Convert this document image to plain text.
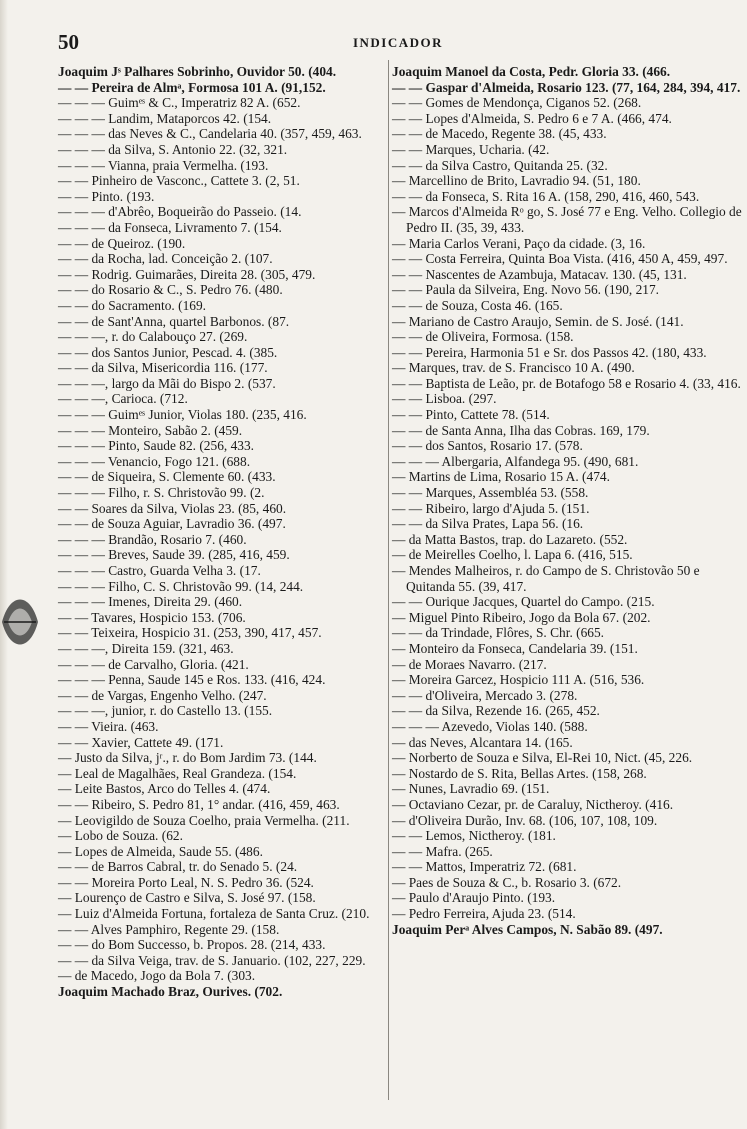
50	INDICADOR

Joaquim Jˢ Palhares Sobrinho, Ouvidor 50. (404.

— — Pereira de Almᵃ, Formosa 101 A. (91,152.

— — — Guimᵉˢ & C., Imperatriz 82 A. (652.

— — — Landim, Mataporcos 42. (154.

— — — das Neves & C., Candelaria 40. (357, 459, 463.

— — — da Silva, S. Antonio 22. (32, 321.

— — — Vianna, praia Vermelha. (193.

— — Pinheiro de Vasconc., Cattete 3. (2, 51.

— — Pinto. (193.

— — — d'Abrêo, Boqueirão do Passeio. (14.

— — — da Fonseca, Livramento 7. (154.

— — de Queiroz. (190.

— — da Rocha, lad. Conceição 2. (107.

— — Rodrig. Guimarães, Direita 28. (305, 479.

— — do Rosario & C., S. Pedro 76. (480.

— — do Sacramento. (169.

— — de Sant'Anna, quartel Barbonos. (87.

— — —, r. do Calabouço 27. (269.

— — dos Santos Junior, Pescad. 4. (385.

— — da Silva, Misericordia 116. (177.

— — —, largo da Mãi do Bispo 2. (537.

— — —, Carioca. (712.

— — — Guimᵉˢ Junior, Violas 180. (235, 416.

— — — Monteiro, Sabão 2. (459.

— — — Pinto, Saude 82. (256, 433.

— — — Venancio, Fogo 121. (688.

— — de Siqueira, S. Clemente 60. (433.

— — — Filho, r. S. Christovão 99. (2.

— — Soares da Silva, Violas 23. (85, 460.

— — de Souza Aguiar, Lavradio 36. (497.

— — — Brandão, Rosario 7. (460.

— — — Breves, Saude 39. (285, 416, 459.

— — — Castro, Guarda Velha 3. (17.

— — — Filho, C. S. Christovão 99. (14, 244.

— — — Imenes, Direita 29. (460.

— — Tavares, Hospicio 153. (706.

— — Teixeira, Hospicio 31. (253, 390, 417, 457.

— — —, Direita 159. (321, 463.

— — — de Carvalho, Gloria. (421.

— — — Penna, Saude 145 e Ros. 133. (416, 424.

— — de Vargas, Engenho Velho. (247.

— — —, junior, r. do Castello 13. (155.

— — Vieira. (463.

— — Xavier, Cattete 49. (171.

— Justo da Silva, jʳ., r. do Bom Jardim 73. (144.

— Leal de Magalhães, Real Grandeza. (154.

— Leite Bastos, Arco do Telles 4. (474.

— — Ribeiro, S. Pedro 81, 1° andar. (416, 459, 463.

— Leovigildo de Souza Coelho, praia Vermelha. (211.

— Lobo de Souza. (62.

— Lopes de Almeida, Saude 55. (486.

— — de Barros Cabral, tr. do Senado 5. (24.

— — Moreira Porto Leal, N. S. Pedro 36. (524.

— Lourenço de Castro e Silva, S. José 97. (158.

— Luiz d'Almeida Fortuna, fortaleza de Santa Cruz. (210.

— — Alves Pamphiro, Regente 29. (158.

— — do Bom Successo, b. Propos. 28. (214, 433.

— — da Silva Veiga, trav. de S. Januario. (102, 227, 229.

— de Macedo, Jogo da Bola 7. (303.

Joaquim Machado Braz, Ourives. (702.

Joaquim Manoel da Costa, Pedr. Gloria 33. (466.

— — Gaspar d'Almeida, Rosario 123. (77, 164, 284, 394, 417.

— — Gomes de Mendonça, Ciganos 52. (268.

— — Lopes d'Almeida, S. Pedro 6 e 7 A. (466, 474.

— — de Macedo, Regente 38. (45, 433.

— — Marques, Ucharia. (42.

— — da Silva Castro, Quitanda 25. (32.

— Marcellino de Brito, Lavradio 94. (51, 180.

— — da Fonseca, S. Rita 16 A. (158, 290, 416, 460, 543.

— Marcos d'Almeida Rᵒ go, S. José 77 e Eng. Velho. Collegio de Pedro II. (35, 39, 433.

— Maria Carlos Verani, Paço da cidade. (3, 16.

— — Costa Ferreira, Quinta Boa Vista. (416, 450 A, 459, 497.

— — Nascentes de Azambuja, Matacav. 130. (45, 131.

— — Paula da Silveira, Eng. Novo 56. (190, 217.

— — de Souza, Costa 46. (165.

— Mariano de Castro Araujo, Semin. de S. José. (141.

— — de Oliveira, Formosa. (158.

— — Pereira, Harmonia 51 e Sr. dos Passos 42. (180, 433.

— Marques, trav. de S. Francisco 10 A. (490.

— — Baptista de Leão, pr. de Botafogo 58 e Rosario 4. (33, 416.

— — Lisboa. (297.

— — Pinto, Cattete 78. (514.

— — de Santa Anna, Ilha das Cobras. 169, 179.

— — dos Santos, Rosario 17. (578.

— — — Albergaria, Alfandega 95. (490, 681.

— Martins de Lima, Rosario 15 A. (474.

— — Marques, Assembléa 53. (558.

— — Ribeiro, largo d'Ajuda 5. (151.

— — da Silva Prates, Lapa 56. (16.

— da Matta Bastos, trap. do Lazareto. (552.

— de Meirelles Coelho, l. Lapa 6. (416, 515.

— Mendes Malheiros, r. do Campo de S. Christovão 50 e Quitanda 55. (39, 417.

— — Ourique Jacques, Quartel do Campo. (215.

— Miguel Pinto Ribeiro, Jogo da Bola 67. (202.

— — da Trindade, Flôres, S. Chr. (665.

— Monteiro da Fonseca, Candelaria 39. (151.

— de Moraes Navarro. (217.

— Moreira Garcez, Hospicio 111 A. (516, 536.

— — d'Oliveira, Mercado 3. (278.

— — da Silva, Rezende 16. (265, 452.

— — — Azevedo, Violas 140. (588.

— das Neves, Alcantara 14. (165.

— Norberto de Souza e Silva, El-Rei 10, Nict. (45, 226.

— Nostardo de S. Rita, Bellas Artes. (158, 268.

— Nunes, Lavradio 69. (151.

— Octaviano Cezar, pr. de Caraluy, Nictheroy. (416.

— d'Oliveira Durão, Inv. 68. (106, 107, 108, 109.

— — Lemos, Nictheroy. (181.

— — Mafra. (265.

— — Mattos, Imperatriz 72. (681.

— Paes de Souza & C., b. Rosario 3. (672.

— Paulo d'Araujo Pinto. (193.

— Pedro Ferreira, Ajuda 23. (514.

Joaquim Perᵃ Alves Campos, N. Sabão 89. (497.
